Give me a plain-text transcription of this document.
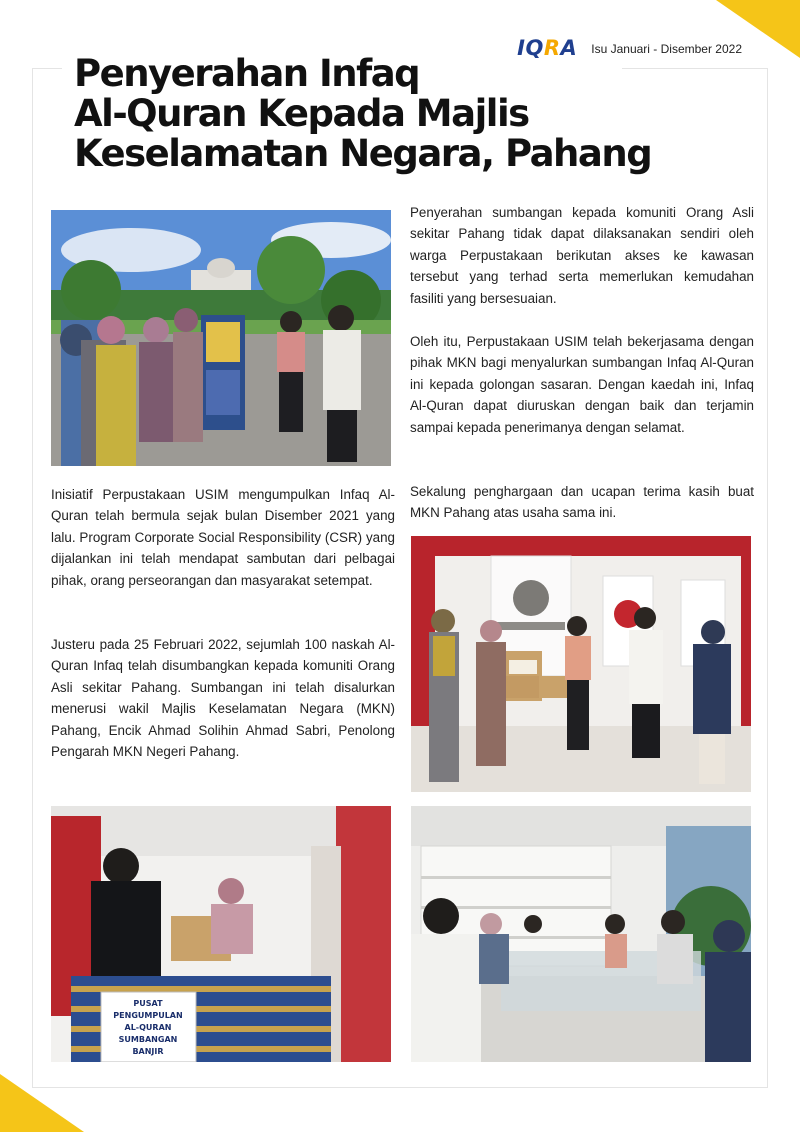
IQRA Isu Januari - Disember 2022
Penyerahan Infaq
Al-Quran Kepada Majlis
Keselamatan Negara, Pahang
PUSAT
PENGUMPULAN
AL-QURAN
SUMBANGAN
BANJIR
Penyerahan sumbangan kepada komuniti Orang Asli sekitar Pahang tidak dapat dilaksanakan sendiri oleh warga Perpustakaan berikutan akses ke kawasan tersebut yang terhad serta memerlukan kemudahan fasiliti yang bersesuaian.
Oleh itu, Perpustakaan USIM telah bekerjasama dengan pihak MKN bagi menyalurkan sumbangan Infaq Al-Quran ini kepada golongan sasaran. Dengan kaedah ini, Infaq Al-Quran dapat diuruskan dengan baik dan terjamin sampai kepada penerimanya dengan selamat.
Sekalung penghargaan dan ucapan terima kasih buat MKN Pahang atas usaha sama ini.
Inisiatif Perpustakaan USIM mengumpulkan Infaq Al-Quran telah bermula sejak bulan Disember 2021 yang lalu. Program Corporate Social Responsibility (CSR) yang dijalankan ini telah mendapat sambutan dari pelbagai pihak, orang perseorangan dan masyarakat setempat.
Justeru pada 25 Februari 2022, sejumlah 100 naskah Al-Quran Infaq telah disumbangkan kepada komuniti Orang Asli sekitar Pahang. Sumbangan ini telah disalurkan menerusi wakil Majlis Keselamatan Negara (MKN) Pahang, Encik Ahmad Solihin Ahmad Sabri, Penolong Pengarah MKN Negeri Pahang.
